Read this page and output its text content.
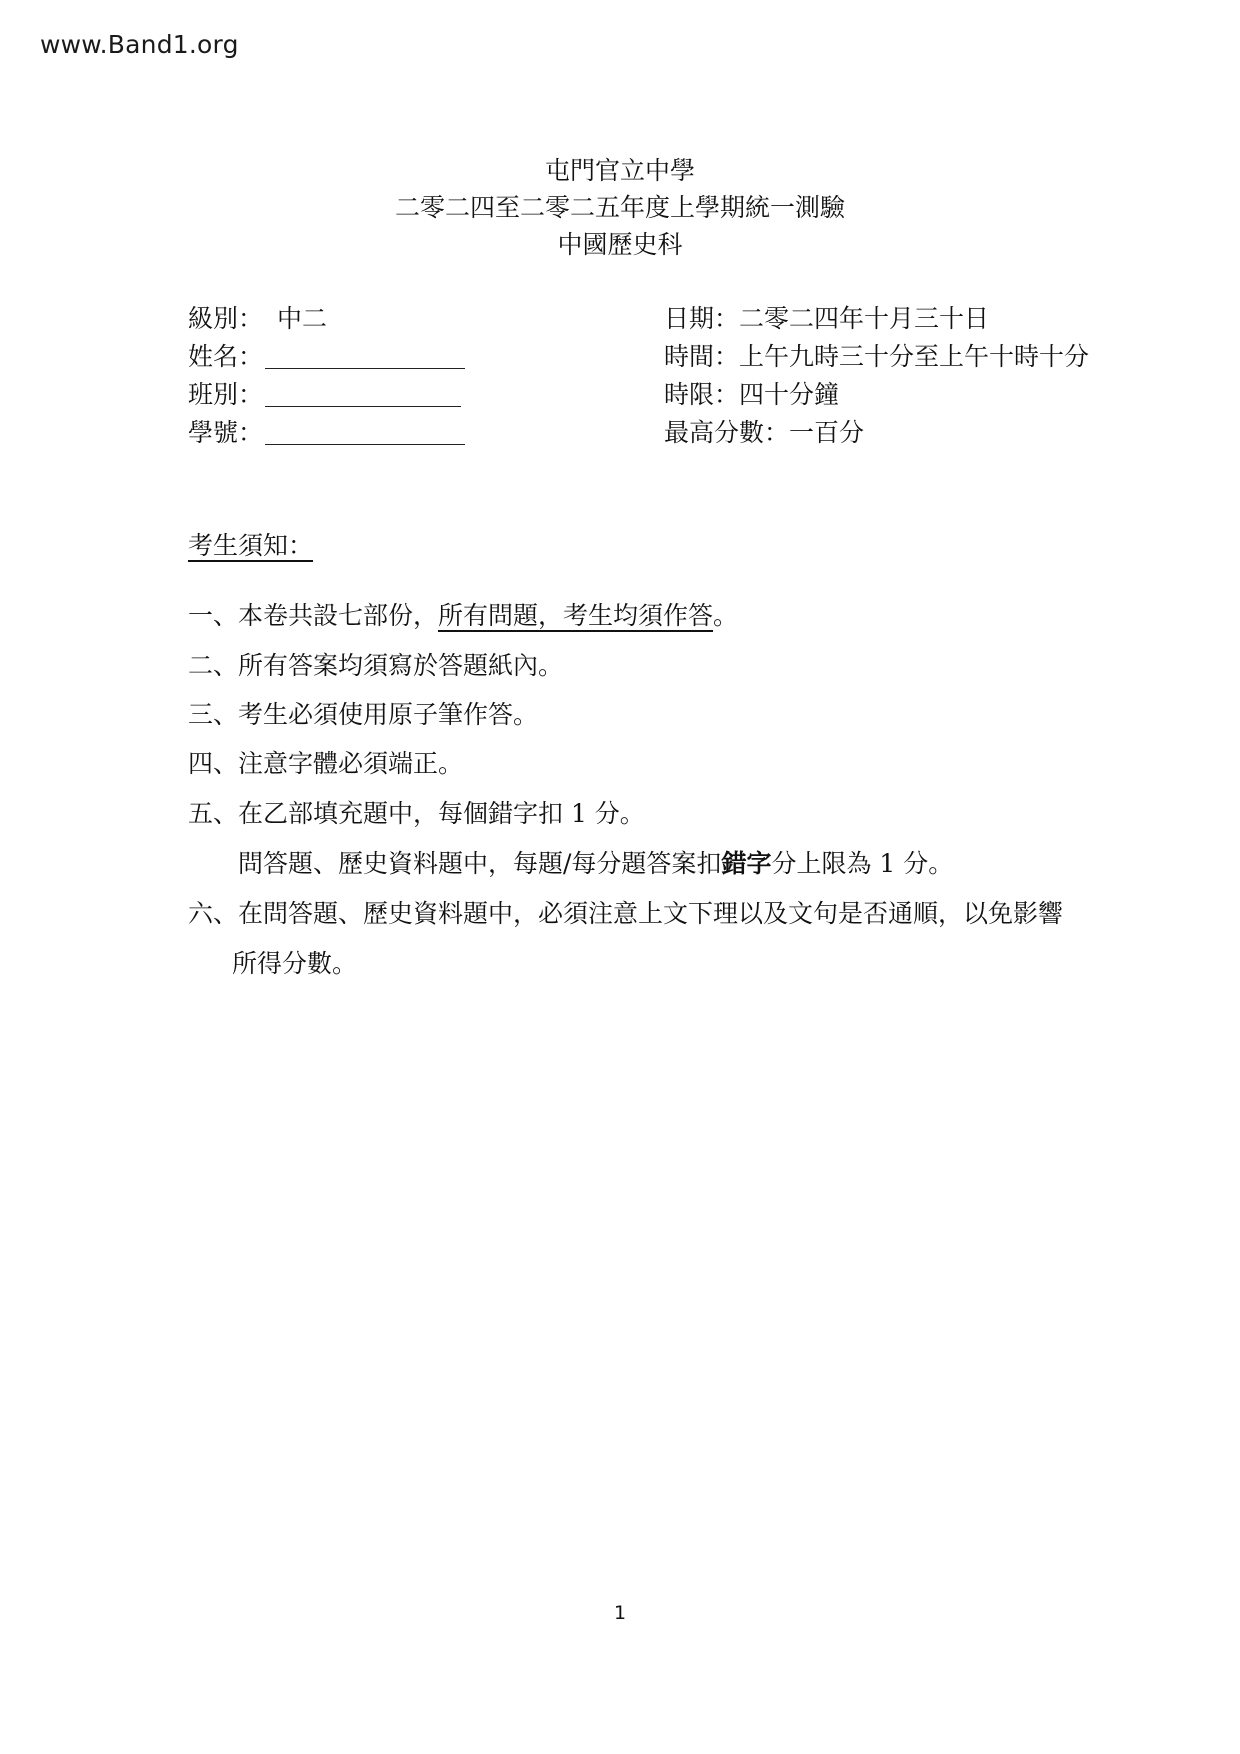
www.Band1.org
屯門官立中學
二零二四至二零二五年度上學期統一測驗
中國歷史科
級別： 中二
姓名：
班別：
學號：
日期：二零二四年十月三十日
時間：上午九時三十分至上午十時十分
時限：四十分鐘
最高分數：一百分
考生須知：
一、本卷共設七部份，所有問題，考生均須作答。
二、所有答案均須寫於答題紙內。
三、考生必須使用原子筆作答。
四、注意字體必須端正。
五、在乙部填充題中，每個錯字扣 1 分。
問答題、歷史資料題中，每題/每分題答案扣錯字分上限為 1 分。
六、在問答題、歷史資料題中，必須注意上文下理以及文句是否通順，以免影響
所得分數。
1
